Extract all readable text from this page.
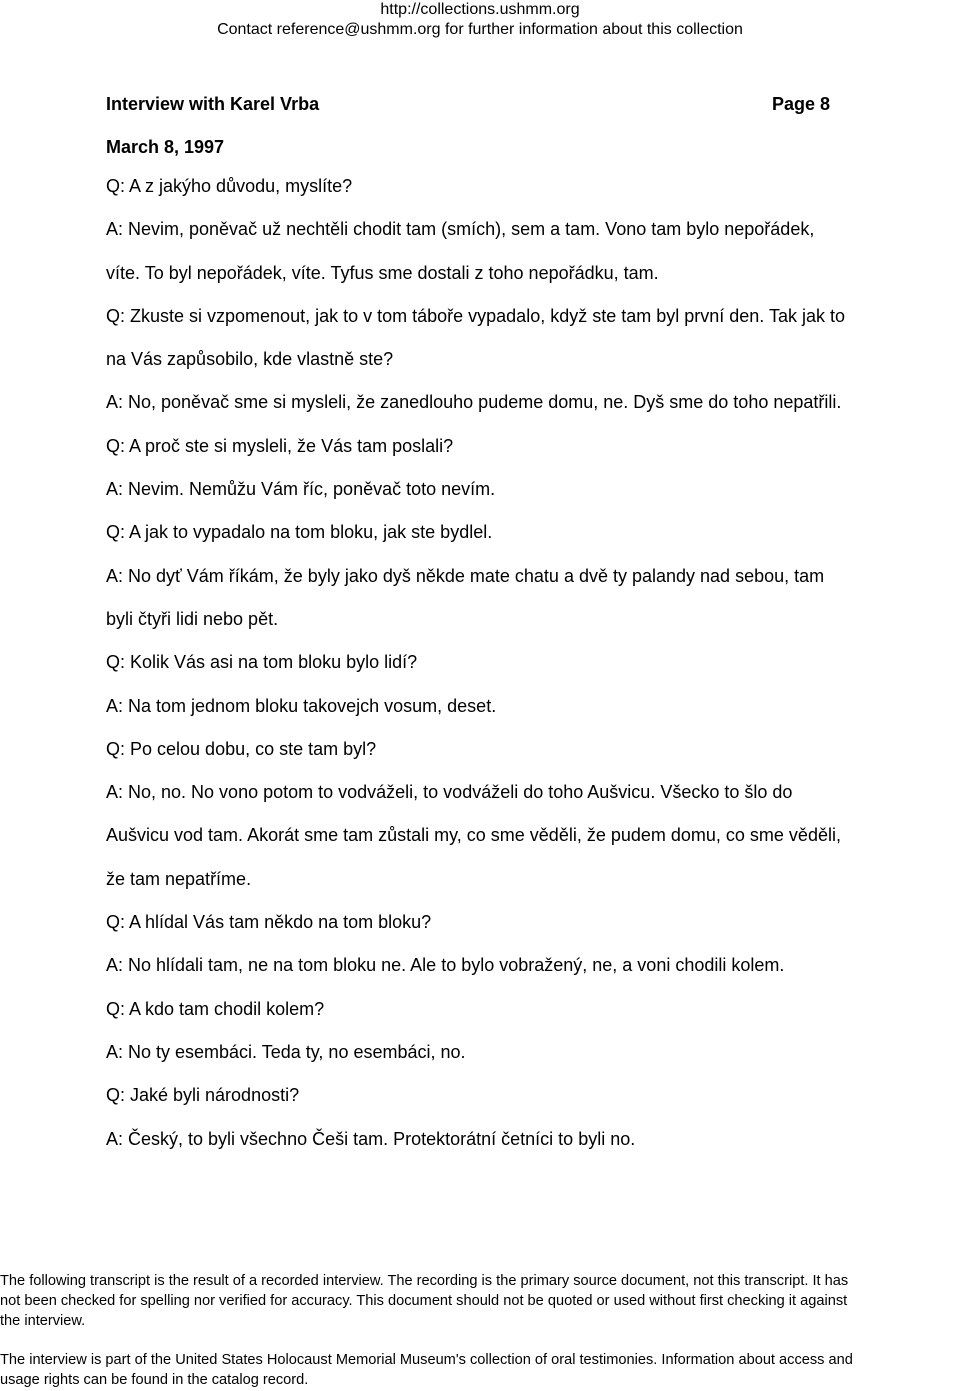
http://collections.ushmm.org
Contact reference@ushmm.org for further information about this collection
Interview with Karel Vrba	Page 8
March 8, 1997
Q: A z jakýho důvodu, myslíte?
A: Nevim, poněvač už nechtěli chodit tam (smích), sem a tam. Vono tam bylo nepořádek,
víte. To byl nepořádek, víte. Tyfus sme dostali z toho nepořádku, tam.
Q: Zkuste si vzpomenout, jak to v tom táboře vypadalo, když ste tam byl první den. Tak jak to
na Vás zapůsobilo, kde vlastně ste?
A: No, poněvač sme si mysleli, že zanedlouho pudeme domu, ne. Dyš sme do toho nepatřili.
Q: A proč ste si mysleli, že Vás tam poslali?
A: Nevim. Nemůžu Vám říc, poněvač toto nevím.
Q: A jak to vypadalo na tom bloku, jak ste bydlel.
A: No dyť Vám říkám, že byly jako dyš někde mate chatu a dvě ty palandy nad sebou, tam
byli čtyři lidi nebo pět.
Q: Kolik Vás asi na tom bloku bylo lidí?
A: Na tom jednom bloku takovejch vosum, deset.
Q: Po celou dobu, co ste tam byl?
A: No, no. No vono potom to vodváželi, to vodváželi do toho Aušvicu. Všecko to šlo do
Aušvicu vod tam. Akorát sme tam zůstali my, co sme věděli, že pudem domu, co sme věděli,
že tam nepatříme.
Q: A hlídal Vás tam někdo na tom bloku?
A: No hlídali tam, ne na tom bloku ne. Ale to bylo vobražený, ne, a voni chodili kolem.
Q: A kdo tam chodil kolem?
A: No ty esembáci. Teda ty, no esembáci, no.
Q: Jaké byli národnosti?
A: Český, to byli všechno Češi tam. Protektorátní četníci to byli no.
The following transcript is the result of a recorded interview. The recording is the primary source document, not this transcript. It has
not been checked for spelling nor verified for accuracy. This document should not be quoted or used without first checking it against
the interview.
The interview is part of the United States Holocaust Memorial Museum's collection of oral testimonies. Information about access and
usage rights can be found in the catalog record.
